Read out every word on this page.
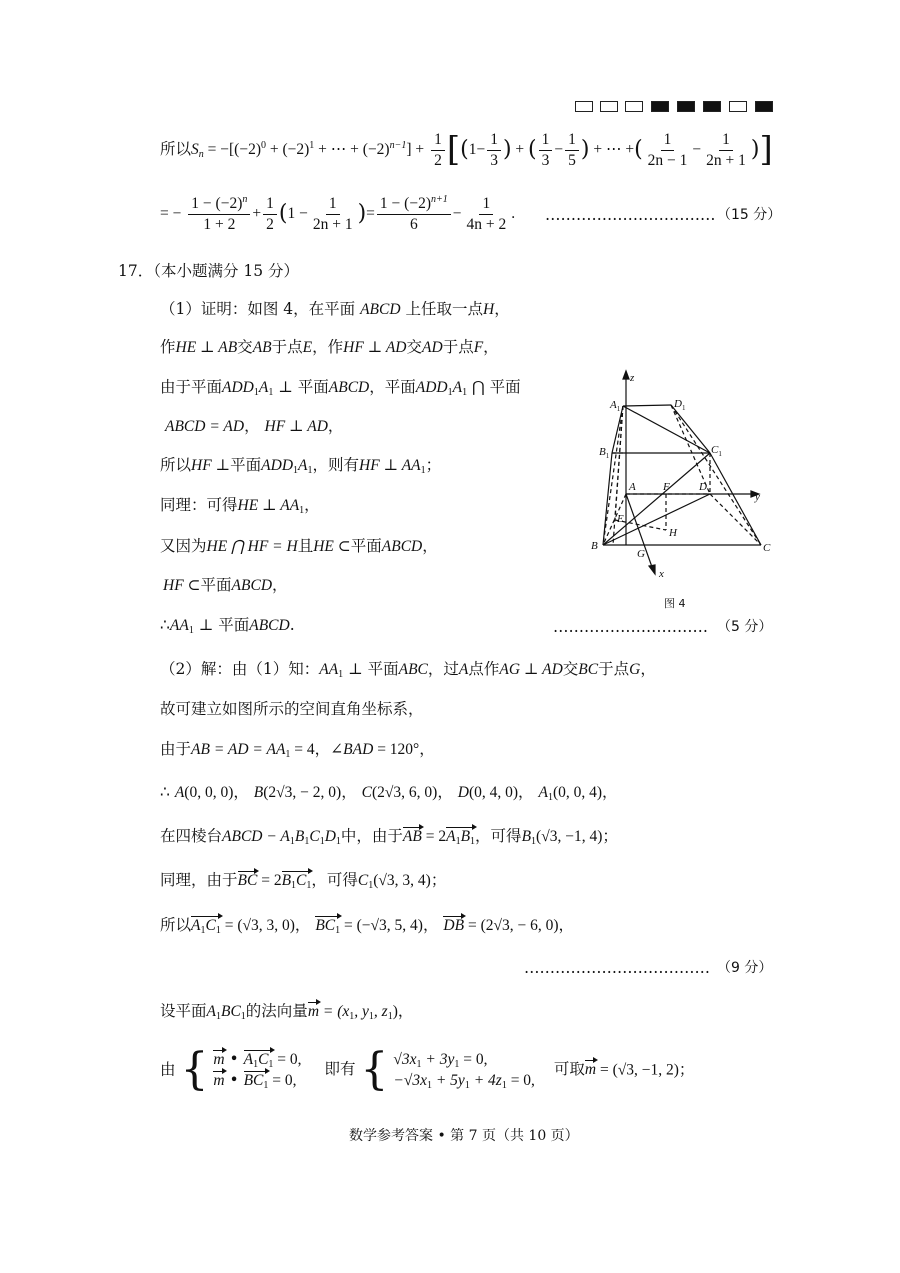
所以$S_n = -[(-2)^0 + (-2)^1$ + ⋯ + $(-2)^{n-1}] + \frac{1}{2} [(1- \frac{1}{3}$ ) + ( $\frac{1}{3} - \frac{1}{5}$ ) + ⋯ +( $\frac{1}{2n - 1} - \frac{1}{2n + 1}$ )]
= − $\frac{1 - (-2)^n}{1 + 2} + \frac{1}{2} (1 - \frac{1}{2n + 1}$ )= $\frac{1 - (-2)^{n+1}}{6} - \frac{1}{4n + 2}$ . …………………………… （15 分）
17．（本小题满分 15 分）
（1）证明：如图 4，在平面 ABCD 上任取一点H，
作HE ⊥ AB交AB于点E，作HF ⊥ AD交AD于点F，
由于平面$ADD_1A_1$ ⊥ 平面ABCD，平面$ADD_1A_1$ ⋂ 平面
ABCD = AD， HF ⊥ AD，
所以HF ⊥平面$ADD_1A_1$，则有HF ⊥ $AA_1$；
同理：可得HE ⊥ $AA_1$，
又因为HE ⋂ HF = H且HE ⊂平面ABCD，
HF ⊂平面ABCD，
$\therefore AA_1$ ⊥ 平面ABCD.	………………………… （5 分）
z
$A_1$	$D_1$
$B_1$	$C_1$
A F	D
y
E
H
B
G	C
x
图 4
（2）解：由（1）知：$AA_1$ ⊥ 平面ABC，过A点作AG ⊥ AD交BC于点G，
故可建立如图所示的空间直角坐标系，
由于AB = AD = $AA_1 = 4$，∠BAD = 120°，
∴ A(0, 0, 0)， B(2√3, − 2, 0)， C(2√3, 6, 0)， D(0, 4, 0)， $A_1(0$, 0, 4)，
在四棱台ABCD − $A_1B_1C_1D_1$中，由于AB = $2A_1B_1$，可得$B_1(√3$, −1, 4)；
同理，由于BC = $2B_1C_1$，可得$C_1(√3$, 3, 4)；
所以$A_1C_1 = (√3$, 3, 0)， $BC_1 = (-√3$, 5, 4)， DB = (2√3, − 6, 0)，
……………………………… （9 分）
设平面$A_1BC_1$的法向量$m = (x_1$, $y_1$, $z_1$)，
由 { m • $A_1C_1 = 0$,
m • $BC_1 = 0$,
即有 { $√3x_1 + 3y_1 = 0$,
$-√3x_1 + 5y_1 + 4z_1 = 0$,
可取m = (√3, −1, 2)；
数学参考答案 • 第 7 页（共 10 页）
